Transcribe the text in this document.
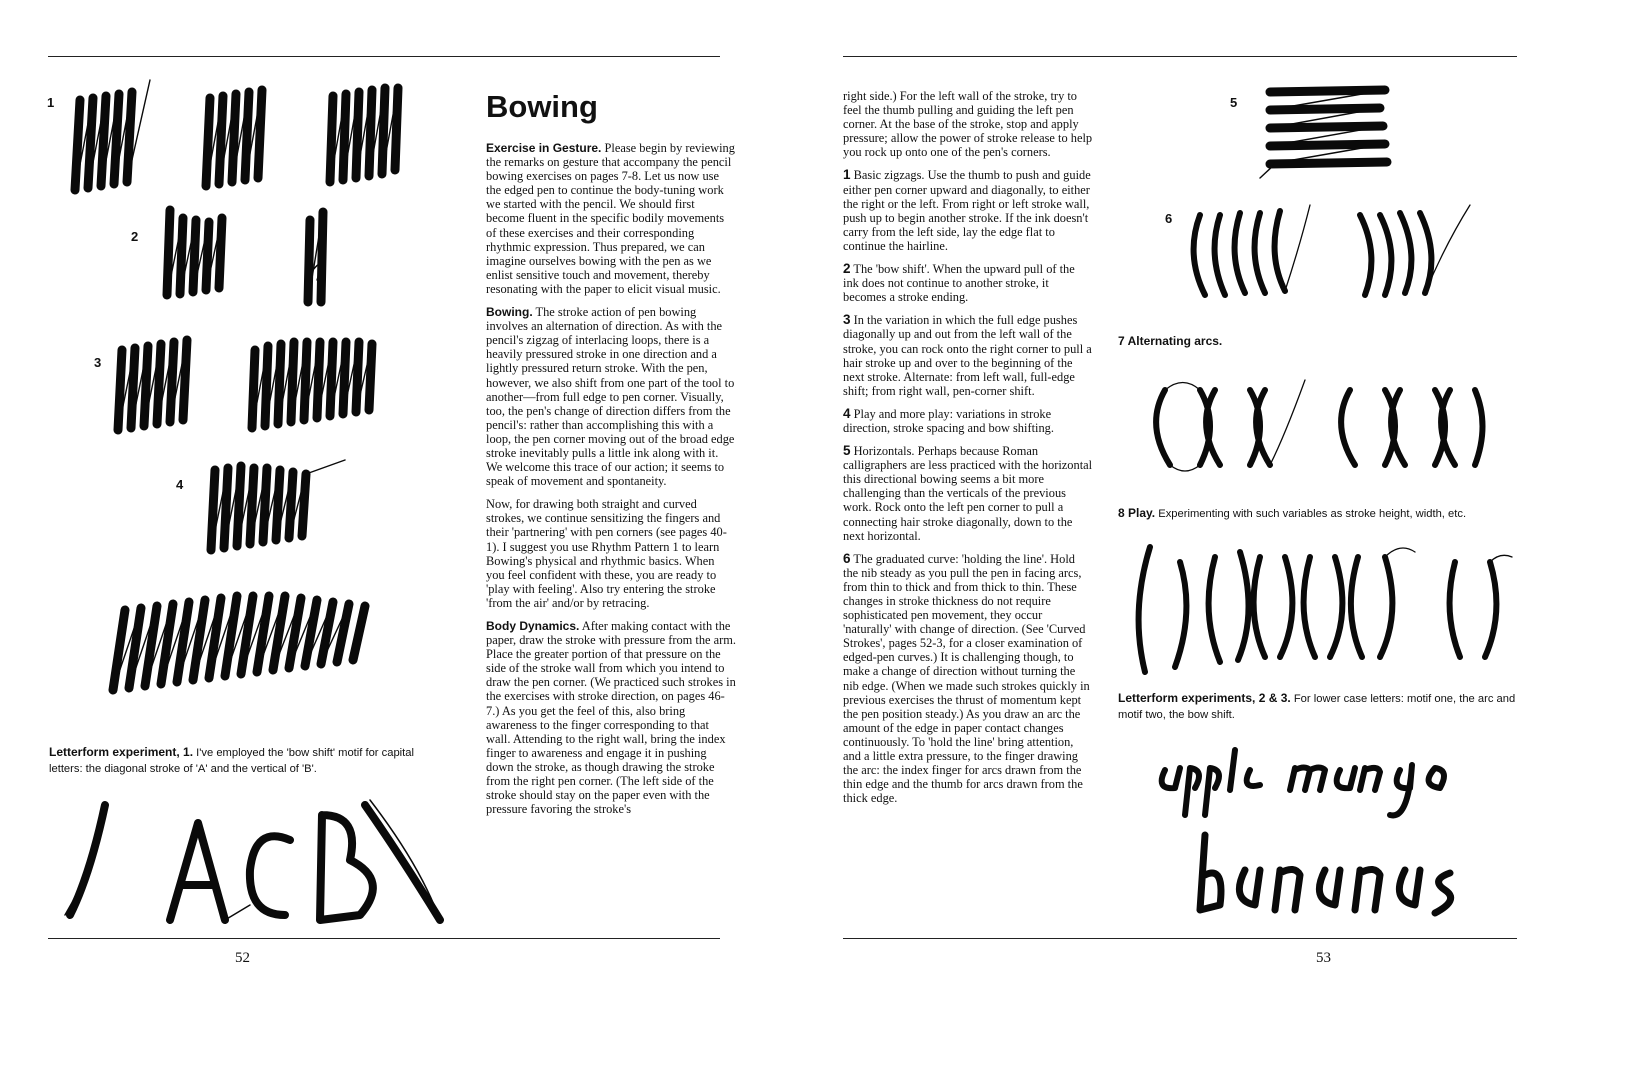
1
2
3
4
Letterform experiment, 1. I've employed the 'bow shift' motif for capital letters: the diagonal stroke of 'A' and the vertical of 'B'.
Bowing

Exercise in Gesture. Please begin by reviewing the remarks on gesture that accompany the pencil bowing exercises on pages 7-8. Let us now use the edged pen to continue the body-tuning work we started with the pencil. We should first become fluent in the specific bodily movements of these exercises and their corresponding rhythmic expression. Thus prepared, we can imagine ourselves bowing with the pen as we enlist sensitive touch and movement, thereby resonating with the paper to elicit visual music.

Bowing. The stroke action of pen bowing involves an alternation of direction. As with the pencil's zigzag of interlacing loops, there is a heavily pressured stroke in one direction and a lightly pressured return stroke. With the pen, however, we also shift from one part of the tool to another—from full edge to pen corner. Visually, too, the pen's change of direction differs from the pencil's: rather than accomplishing this with a loop, the pen corner moving out of the broad edge stroke inevitably pulls a little ink along with it. We welcome this trace of our action; it seems to speak of movement and spontaneity.

Now, for drawing both straight and curved strokes, we continue sensitizing the fingers and their 'partnering' with pen corners (see pages 40-1). I suggest you use Rhythm Pattern 1 to learn Bowing's physical and rhythmic basics. When you feel confident with these, you are ready to 'play with feeling'. Also try entering the stroke 'from the air' and/or by retracing.

Body Dynamics. After making contact with the paper, draw the stroke with pressure from the arm. Place the greater portion of that pressure on the side of the stroke wall from which you intend to draw the pen corner. (We practiced such strokes in the exercises with stroke direction, on pages 46-7.) As you get the feel of this, also bring awareness to the finger corresponding to that wall. Attending to the right wall, bring the index finger to awareness and engage it in pushing down the stroke, as though drawing the stroke from the right pen corner. (The left side of the stroke should stay on the paper even with the pressure favoring the stroke's

52

right side.) For the left wall of the stroke, try to feel the thumb pulling and guiding the left pen corner. At the base of the stroke, stop and apply pressure; allow the power of stroke release to help you rock up onto one of the pen's corners.

1 Basic zigzags. Use the thumb to push and guide either pen corner upward and diagonally, to either the right or the left. From right or left stroke wall, push up to begin another stroke. If the ink doesn't carry from the left side, lay the edge flat to continue the hairline.

2 The 'bow shift'. When the upward pull of the ink does not continue to another stroke, it becomes a stroke ending.

3 In the variation in which the full edge pushes diagonally up and out from the left wall of the stroke, you can rock onto the right corner to pull a hair stroke up and over to the beginning of the next stroke. Alternate: from left wall, full-edge shift; from right wall, pen-corner shift.

4 Play and more play: variations in stroke direction, stroke spacing and bow shifting.

5 Horizontals. Perhaps because Roman calligraphers are less practiced with the horizontal this directional bowing seems a bit more challenging than the verticals of the previous work. Rock onto the left pen corner to pull a connecting hair stroke diagonally, down to the next horizontal.

6 The graduated curve: 'holding the line'. Hold the nib steady as you pull the pen in facing arcs, from thin to thick and from thick to thin. These changes in stroke thickness do not require sophisticated pen movement, they occur 'naturally' with change of direction. (See 'Curved Strokes', pages 52-3, for a closer examination of edged-pen curves.) It is challenging though, to make a change of direction without turning the nib edge. (When we made such strokes quickly in previous exercises the thrust of momentum kept the pen position steady.) As you draw an arc the amount of the edge in paper contact changes continuously. To 'hold the line' bring attention, and a little extra pressure, to the finger drawing the arc: the index finger for arcs drawn from the thin edge and the thumb for arcs drawn from the thick edge.

5
6
7 Alternating arcs.
8 Play. Experimenting with such variables as stroke height, width, etc.
Letterform experiments, 2 & 3. For lower case letters: motif one, the arc and motif two, the bow shift.
53
